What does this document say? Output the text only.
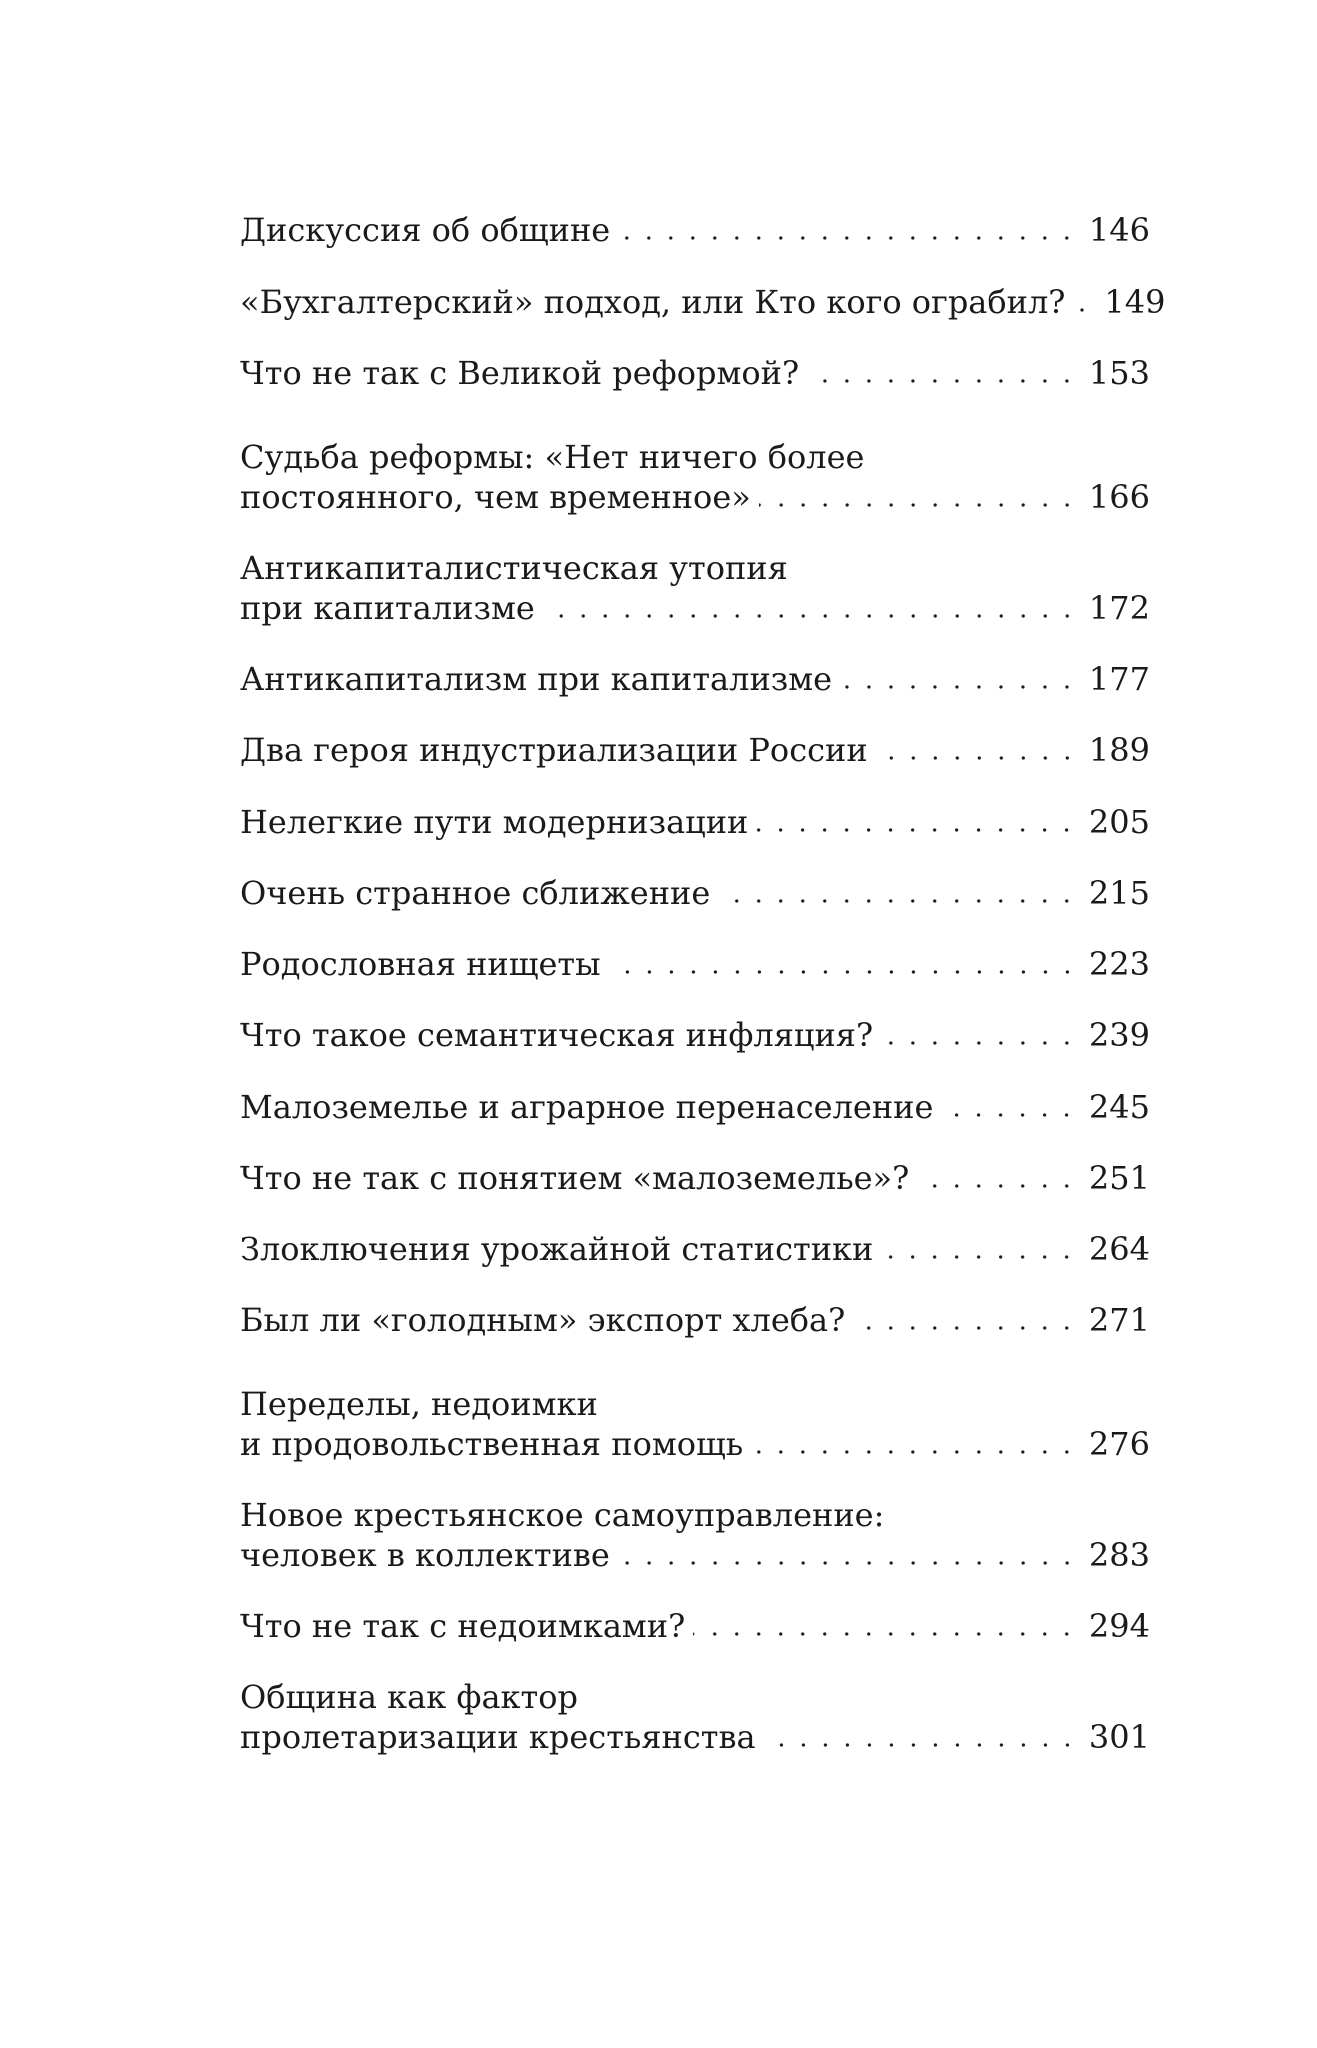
Дискуссия об общине	146
«Бухгалтерский» подход, или Кто кого ограбил? 149
Что не так с Великой реформой?	153
Судьба реформы: «Нет ничего более
постоянного, чем временное»	166
Антикапиталистическая утопия
при капитализме	172
Антикапитализм при капитализме	177
Два героя индустриализации России	189
Нелегкие пути модернизации	205
Очень странное сближение	215
Родословная нищеты	223
Что такое семантическая инфляция?	239
Малоземелье и аграрное перенаселение	245
Что не так с понятием «малоземелье»?	251
Злоключения урожайной статистики	264
Был ли «голодным» экспорт хлеба?	271
Переделы, недоимки
и продовольственная помощь	276
Новое крестьянское самоуправление:
человек в коллективе	283
Что не так с недоимками?	294
Община как фактор
пролетаризации крестьянства	301
